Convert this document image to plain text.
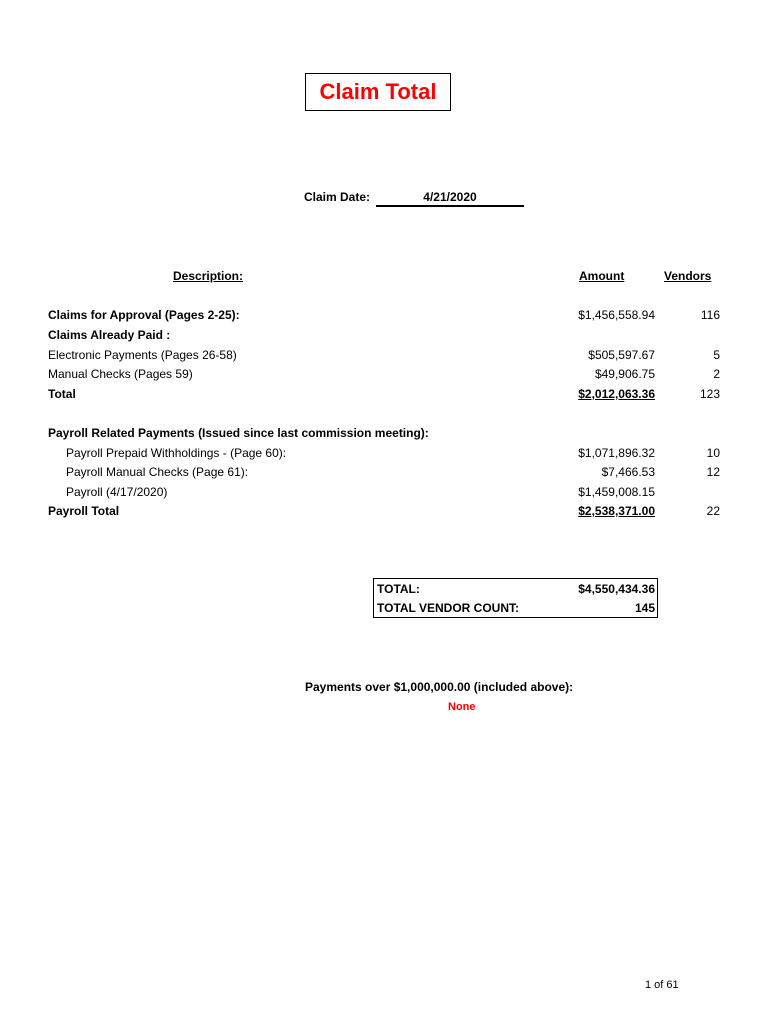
Claim Total
Claim Date:	4/21/2020
Description:	Amount	Vendors
Claims for Approval (Pages 2-25):	$1,456,558.94	116
Claims Already Paid :
Electronic Payments (Pages 26-58)	$505,597.67	5
Manual Checks (Pages 59)	$49,906.75	2
Total	$2,012,063.36	123
Payroll Related Payments (Issued since last commission meeting):
Payroll Prepaid Withholdings - (Page 60):	$1,071,896.32	10
Payroll Manual Checks (Page 61):	$7,466.53	12
Payroll (4/17/2020)	$1,459,008.15
Payroll Total	$2,538,371.00	22
TOTAL:	$4,550,434.36
TOTAL VENDOR COUNT:	145
Payments over $1,000,000.00 (included above):
None
1 of 61
